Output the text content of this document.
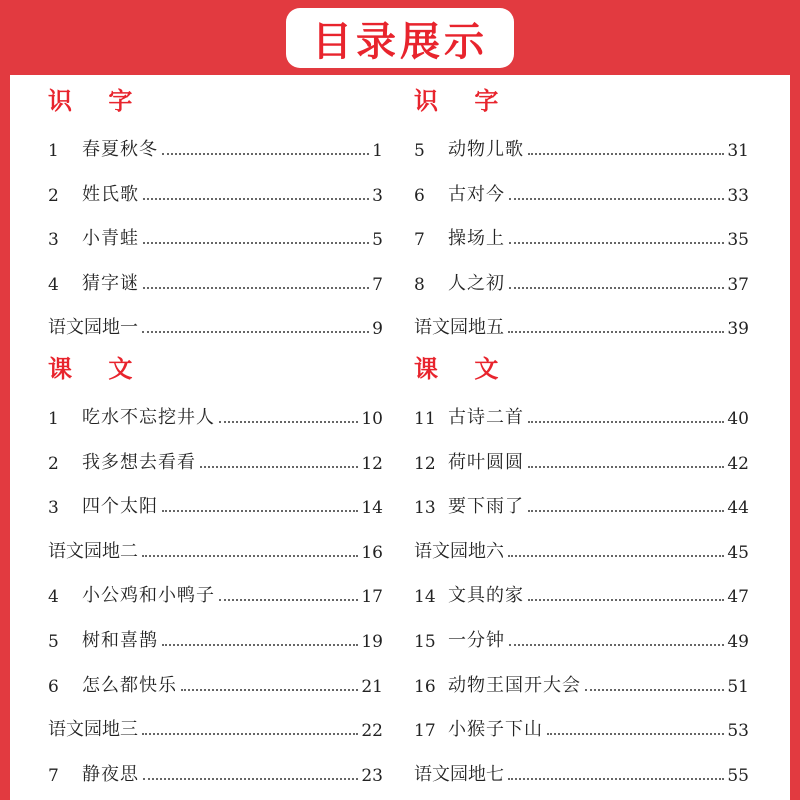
目录展示
识 字
1	春夏秋冬	1
2	姓氏歌	3
3	小青蛙	5
4	猜字谜	7
语文园地一	9
课 文
1	吃水不忘挖井人	10
2	我多想去看看	12
3	四个太阳	14
语文园地二	16
4	小公鸡和小鸭子	17
5	树和喜鹊	19
6	怎么都快乐	21
语文园地三	22
7	静夜思	23
识 字
5	动物儿歌	31
6	古对今	33
7	操场上	35
8	人之初	37
语文园地五	39
课 文
11 古诗二首	40
12 荷叶圆圆	42
13 要下雨了	44
语文园地六	45
14 文具的家	47
15 一分钟	49
16 动物王国开大会	51
17 小猴子下山	53
语文园地七	55
